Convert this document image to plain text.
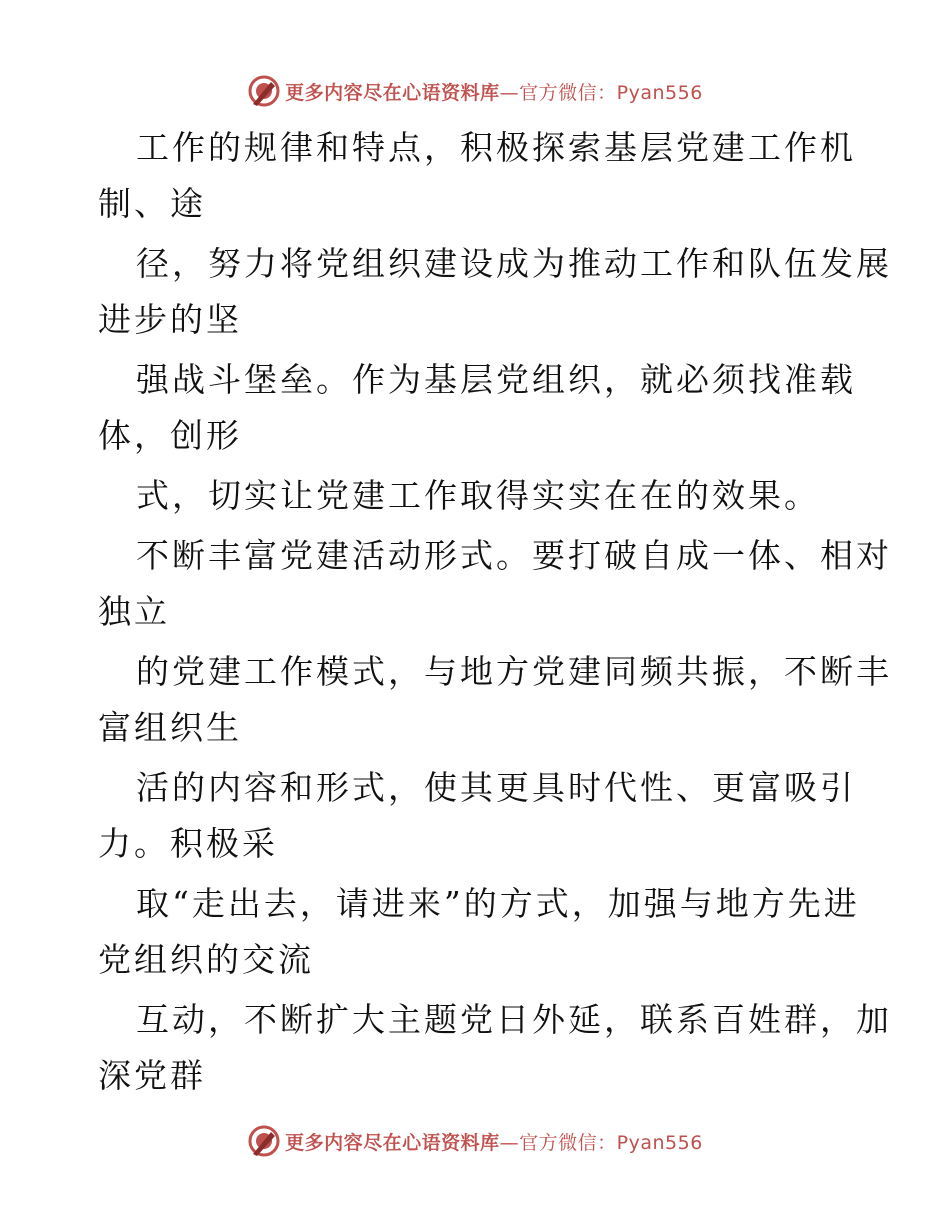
更多内容尽在心语资料库—官方微信：Pyan556
工作的规律和特点，积极探索基层党建工作机
制、途
径，努力将党组织建设成为推动工作和队伍发展
进步的坚
强战斗堡垒。作为基层党组织，就必须找准载
体，创形
式，切实让党建工作取得实实在在的效果。
不断丰富党建活动形式。要打破自成一体、相对
独立
的党建工作模式，与地方党建同频共振，不断丰
富组织生
活的内容和形式，使其更具时代性、更富吸引
力。积极采
取“走出去，请进来”的方式，加强与地方先进
党组织的交流
互动，不断扩大主题党日外延，联系百姓群，加
深党群
更多内容尽在心语资料库—官方微信：Pyan556
